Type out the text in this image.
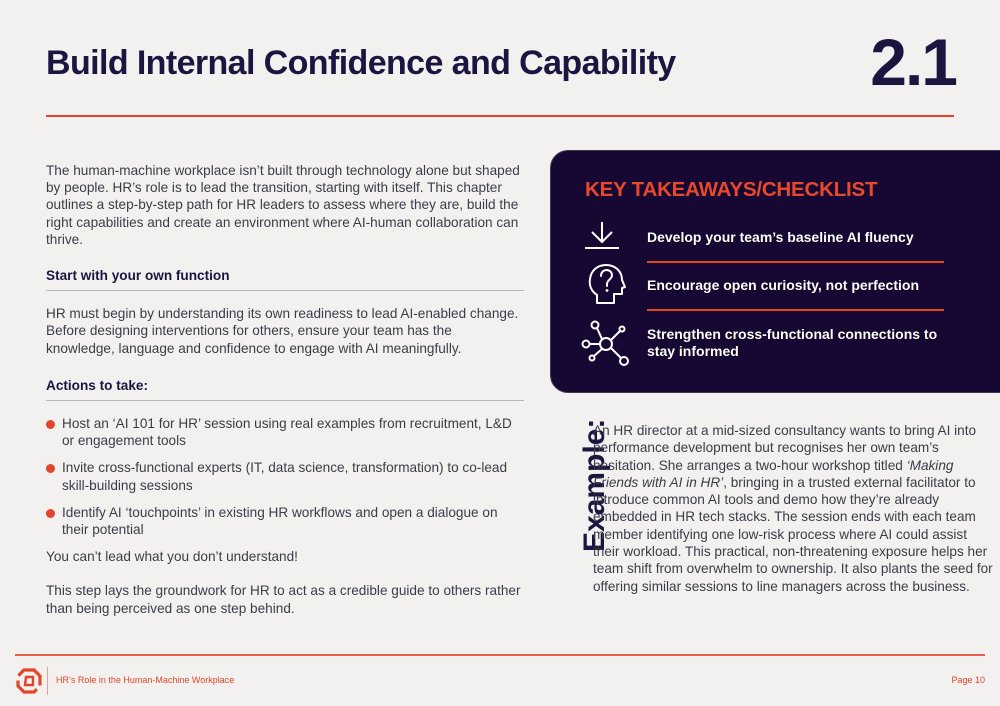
Build Internal Confidence and Capability	2.1

The human-machine workplace isn’t built through technology alone but shaped by people. HR’s role is to lead the transition, starting with itself. This chapter outlines a step-by-step path for HR leaders to assess where they are, build the right capabilities and create an environment where AI-human collaboration can thrive.

Start with your own function

HR must begin by understanding its own readiness to lead AI-enabled change. Before designing interventions for others, ensure your team has the knowledge, language and confidence to engage with AI meaningfully.

Actions to take:
Host an ‘AI 101 for HR’ session using real examples from recruitment, L&D or engagement tools
Invite cross-functional experts (IT, data science, transformation) to co-lead skill-building sessions
Identify AI ‘touchpoints’ in existing HR workflows and open a dialogue on their potential

You can’t lead what you don’t understand!

This step lays the groundwork for HR to act as a credible guide to others rather than being perceived as one step behind.

KEY TAKEAWAYS/CHECKLIST
Develop your team’s baseline AI fluency
Encourage open curiosity, not perfection
Strengthen cross-functional connections to stay informed
Example:

An HR director at a mid-sized consultancy wants to bring AI into performance development but recognises her own team’s hesitation. She arranges a two-hour workshop titled ‘Making Friends with AI in HR’, bringing in a trusted external facilitator to introduce common AI tools and demo how they’re already embedded in HR tech stacks. The session ends with each team member identifying one low-risk process where AI could assist their workload. This practical, non-threatening exposure helps her team shift from overwhelm to ownership. It also plants the seed for offering similar sessions to line managers across the business.

HR’s Role in the Human-Machine Workplace	Page 10
